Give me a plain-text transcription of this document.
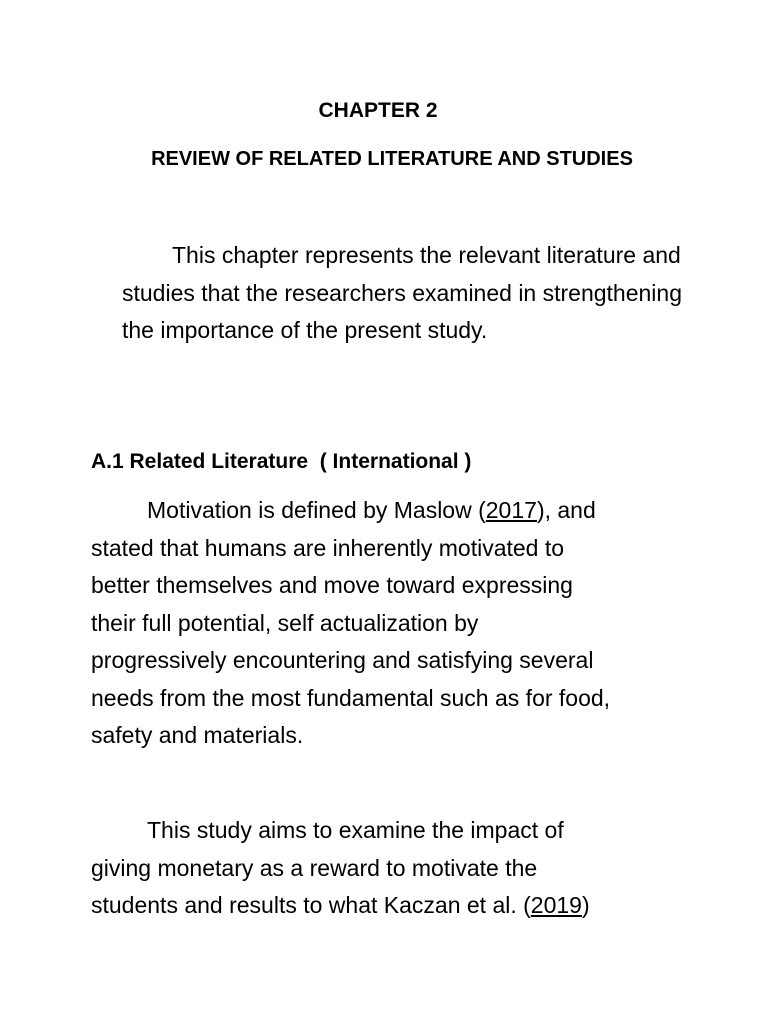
CHAPTER 2
REVIEW OF RELATED LITERATURE AND STUDIES

This chapter represents the relevant literature and studies that the researchers examined in strengthening the importance of the present study.

A.1 Related Literature  ( International )
Motivation is defined by Maslow (2017), and
stated that humans are inherently motivated to
better themselves and move toward expressing
their full potential, self actualization by
progressively encountering and satisfying several
needs from the most fundamental such as for food,
safety and materials.
This study aims to examine the impact of
giving monetary as a reward to motivate the
students and results to what Kaczan et al. (2019)
